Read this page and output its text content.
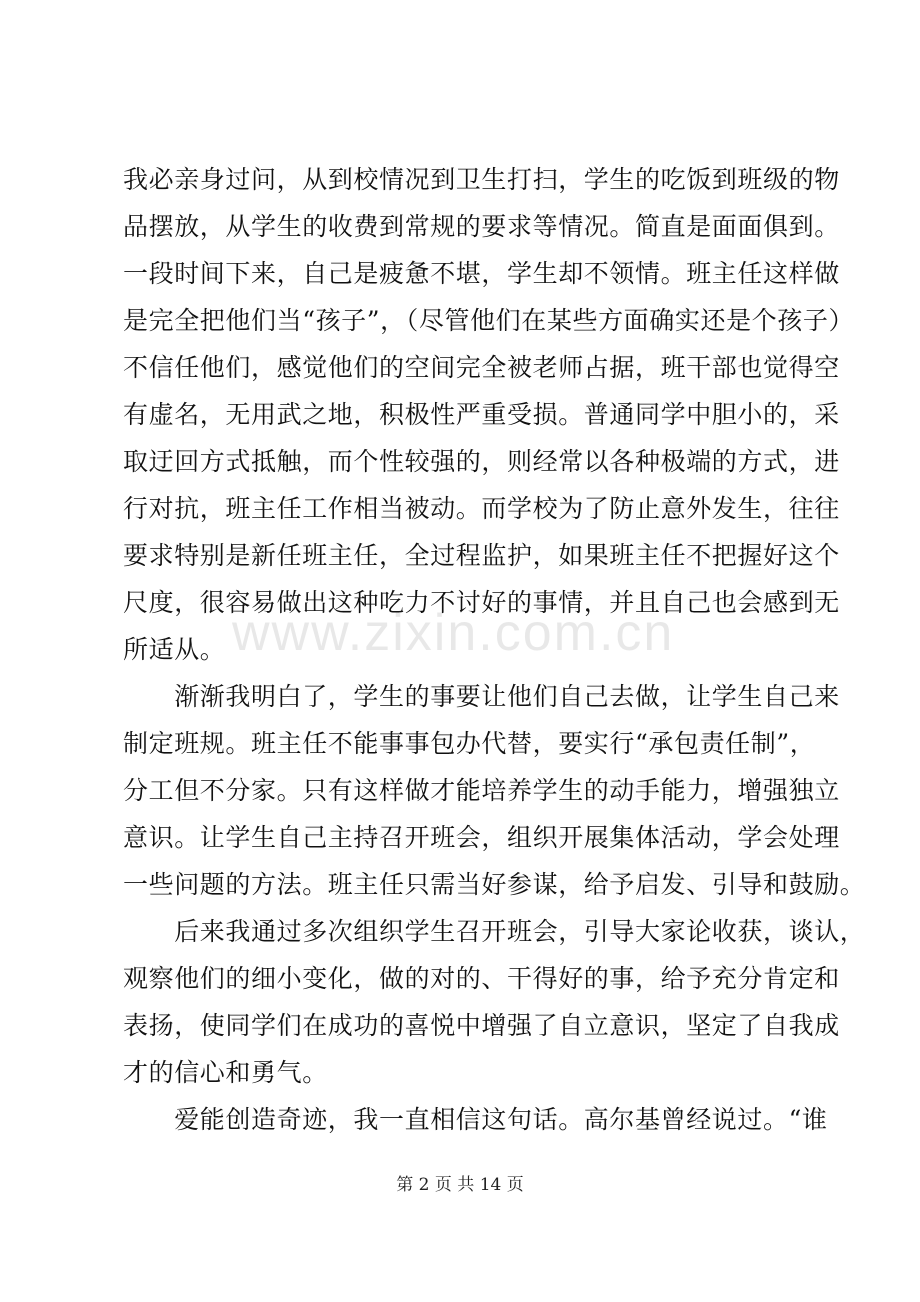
我必亲身过问，从到校情况到卫生打扫，学生的吃饭到班级的物
品摆放，从学生的收费到常规的要求等情况。简直是面面俱到。
一段时间下来，自己是疲惫不堪，学生却不领情。班主任这样做
是完全把他们当“孩子”，（尽管他们在某些方面确实还是个孩子）
不信任他们，感觉他们的空间完全被老师占据，班干部也觉得空
有虚名，无用武之地，积极性严重受损。普通同学中胆小的，采
取迂回方式抵触，而个性较强的，则经常以各种极端的方式，进
行对抗，班主任工作相当被动。而学校为了防止意外发生，往往
要求特别是新任班主任，全过程监护，如果班主任不把握好这个
尺度，很容易做出这种吃力不讨好的事情，并且自己也会感到无
所适从。
　　渐渐我明白了，学生的事要让他们自己去做，让学生自己来
制定班规。班主任不能事事包办代替，要实行“承包责任制”，
分工但不分家。只有这样做才能培养学生的动手能力，增强独立
意识。让学生自己主持召开班会，组织开展集体活动，学会处理
一些问题的方法。班主任只需当好参谋，给予启发、引导和鼓励。
　　后来我通过多次组织学生召开班会，引导大家论收获，谈认，
观察他们的细小变化，做的对的、干得好的事，给予充分肯定和
表扬，使同学们在成功的喜悦中增强了自立意识，坚定了自我成
才的信心和勇气。
　　爱能创造奇迹，我一直相信这句话。高尔基曾经说过。“谁
www.zixin.com.cn
第 2 页 共 14 页
